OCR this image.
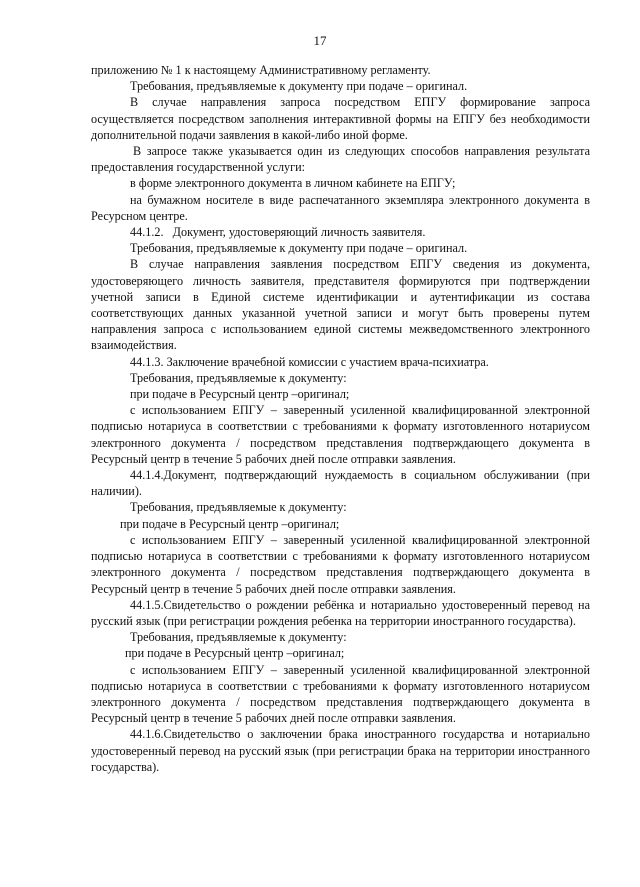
17

приложению № 1 к настоящему Административному регламенту.

Требования, предъявляемые к документу при подаче – оригинал.

В случае направления запроса посредством ЕПГУ формирование запроса осуществляется посредством заполнения интерактивной формы на ЕПГУ без необходимости дополнительной подачи заявления в какой-либо иной форме.

В запросе также указывается один из следующих способов направления результата предоставления государственной услуги:

в форме электронного документа в личном кабинете на ЕПГУ;

на бумажном носителе в виде распечатанного экземпляра электронного документа в Ресурсном центре.

44.1.2.   Документ, удостоверяющий личность заявителя.

Требования, предъявляемые к документу при подаче – оригинал.

В случае направления заявления посредством ЕПГУ сведения из документа, удостоверяющего личность заявителя, представителя формируются при подтверждении учетной записи в Единой системе идентификации и аутентификации из состава соответствующих данных указанной учетной записи и могут быть проверены путем направления запроса с использованием единой системы межведомственного электронного взаимодействия.

44.1.3. Заключение врачебной комиссии с участием врача-психиатра.

Требования, предъявляемые к документу:

при подаче в Ресурсный центр –оригинал;

с использованием ЕПГУ – заверенный усиленной квалифицированной электронной подписью нотариуса в соответствии с требованиями к формату изготовленного нотариусом электронного документа / посредством представления подтверждающего документа в Ресурсный центр в течение 5 рабочих дней после отправки заявления.

44.1.4.Документ, подтверждающий нуждаемость в социальном обслуживании (при наличии).

Требования, предъявляемые к документу:

при подаче в Ресурсный центр –оригинал;

с использованием ЕПГУ – заверенный усиленной квалифицированной электронной подписью нотариуса в соответствии с требованиями к формату изготовленного нотариусом электронного документа / посредством представления подтверждающего документа в Ресурсный центр в течение 5 рабочих дней после отправки заявления.

44.1.5.Свидетельство о рождении ребёнка и нотариально удостоверенный перевод на русский язык (при регистрации рождения ребенка на территории иностранного государства).

Требования, предъявляемые к документу:

при подаче в Ресурсный центр –оригинал;

с использованием ЕПГУ – заверенный усиленной квалифицированной электронной подписью нотариуса в соответствии с требованиями к формату изготовленного нотариусом электронного документа / посредством представления подтверждающего документа в Ресурсный центр в течение 5 рабочих дней после отправки заявления.

44.1.6.Свидетельство о заключении брака иностранного государства и нотариально удостоверенный перевод на русский язык (при регистрации брака на территории иностранного государства).
